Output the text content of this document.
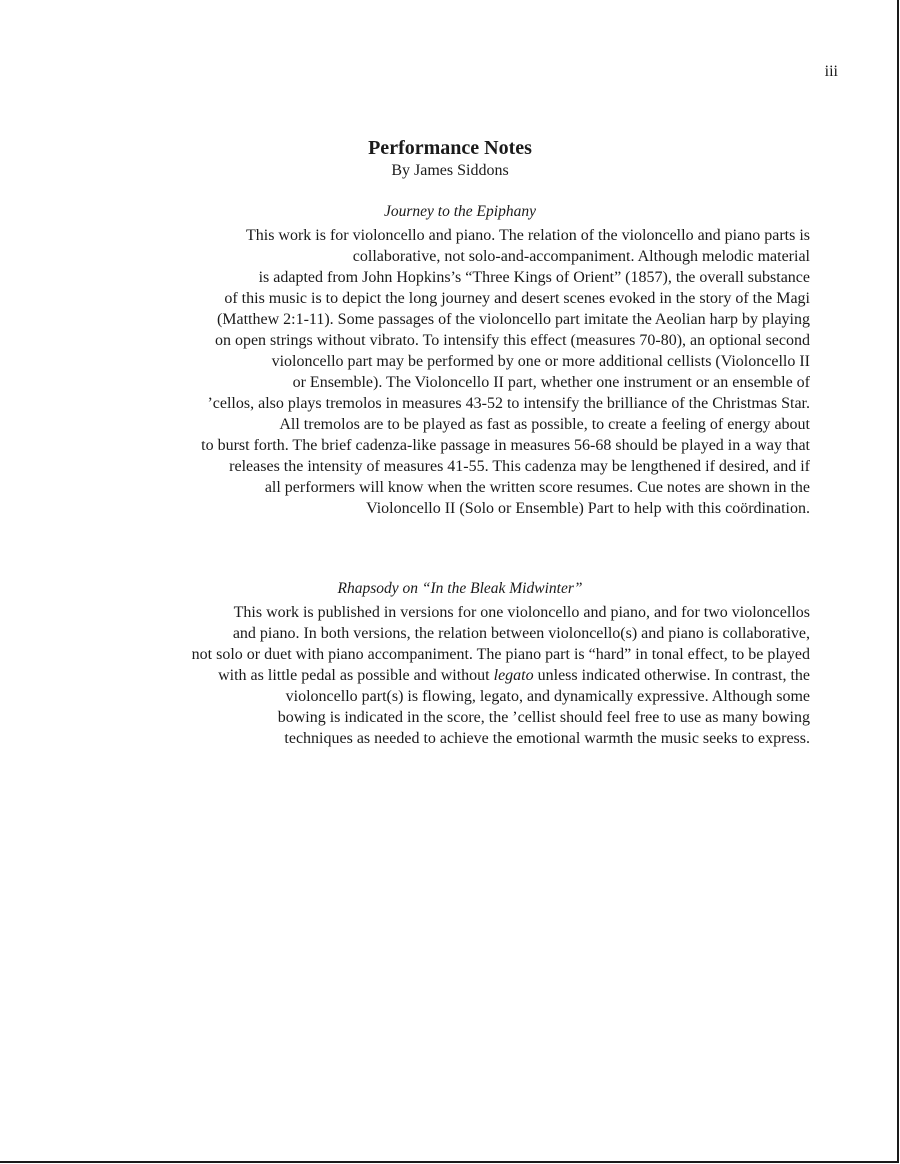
iii
Performance Notes
By James Siddons
Journey to the Epiphany
This work is for violoncello and piano. The relation of the violoncello and piano parts is
collaborative, not solo-and-accompaniment. Although melodic material
is adapted from John Hopkins’s “Three Kings of Orient” (1857), the overall substance
of this music is to depict the long journey and desert scenes evoked in the story of the Magi
(Matthew 2:1-11). Some passages of the violoncello part imitate the Aeolian harp by playing
on open strings without vibrato. To intensify this effect (measures 70-80), an optional second
violoncello part may be performed by one or more additional cellists (Violoncello II
or Ensemble). The Violoncello II part, whether one instrument or an ensemble of
’cellos, also plays tremolos in measures 43-52 to intensify the brilliance of the Christmas Star.
All tremolos are to be played as fast as possible, to create a feeling of energy about
to burst forth. The brief cadenza-like passage in measures 56-68 should be played in a way that
releases the intensity of measures 41-55. This cadenza may be lengthened if desired, and if
all performers will know when the written score resumes. Cue notes are shown in the
Violoncello II (Solo or Ensemble) Part to help with this coördination.
Rhapsody on “In the Bleak Midwinter”
This work is published in versions for one violoncello and piano, and for two violoncellos
and piano. In both versions, the relation between violoncello(s) and piano is collaborative,
not solo or duet with piano accompaniment. The piano part is “hard” in tonal effect, to be played
with as little pedal as possible and without legato unless indicated otherwise. In contrast, the
violoncello part(s) is flowing, legato, and dynamically expressive. Although some
bowing is indicated in the score, the ’cellist should feel free to use as many bowing
techniques as needed to achieve the emotional warmth the music seeks to express.
